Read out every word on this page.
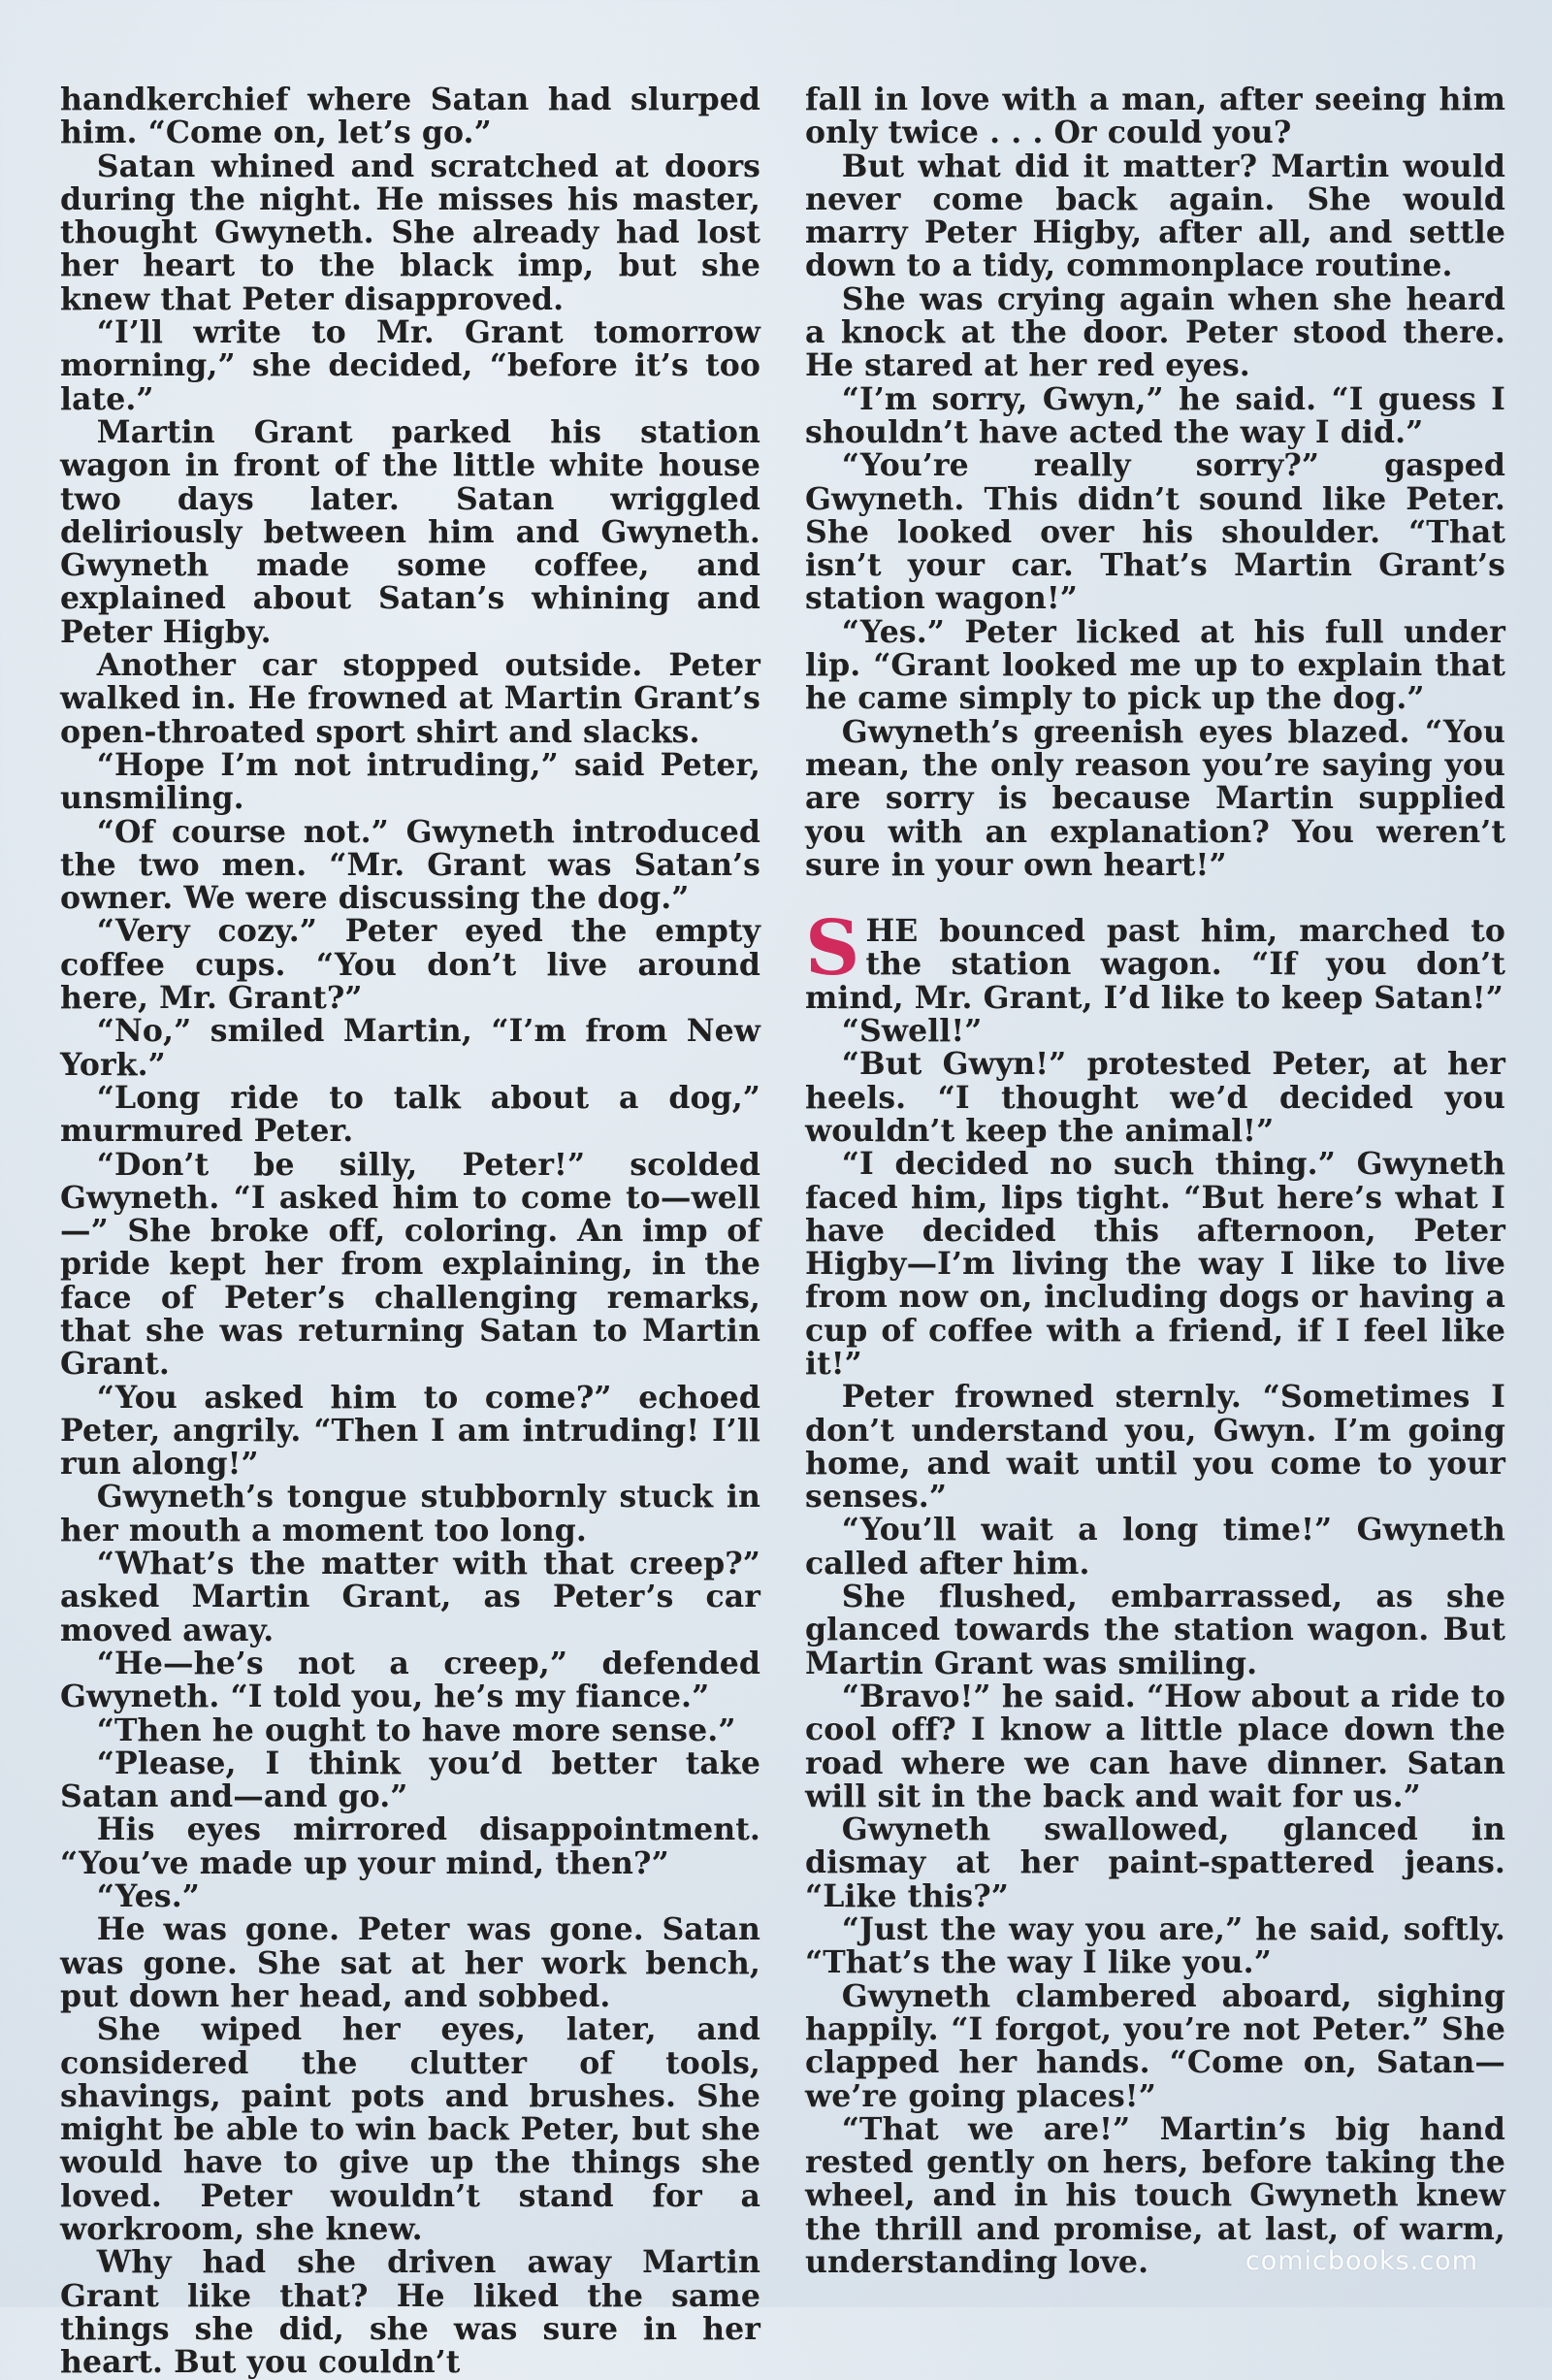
handkerchief where Satan had slurped him. “Come on, let’s go.”

Satan whined and scratched at doors during the night. He misses his master, thought Gwyneth. She already had lost her heart to the black imp, but she knew that Peter disapproved.

“I’ll write to Mr. Grant tomorrow morning,” she decided, “before it’s too late.”

Martin Grant parked his station wagon in front of the little white house two days later. Satan wriggled deliriously between him and Gwyneth. Gwyneth made some coffee, and explained about Satan’s whining and Peter Higby.

Another car stopped outside. Peter walked in. He frowned at Martin Grant’s open-throated sport shirt and slacks.

“Hope I’m not intruding,” said Peter, unsmiling.

“Of course not.” Gwyneth introduced the two men. “Mr. Grant was Satan’s owner. We were discussing the dog.”

“Very cozy.” Peter eyed the empty coffee cups. “You don’t live around here, Mr. Grant?”

“No,” smiled Martin, “I’m from New York.”

“Long ride to talk about a dog,” murmured Peter.

“Don’t be silly, Peter!” scolded Gwyneth. “I asked him to come to—well—” She broke off, coloring. An imp of pride kept her from explaining, in the face of Peter’s challenging remarks, that she was returning Satan to Martin Grant.

“You asked him to come?” echoed Peter, angrily. “Then I am intruding! I’ll run along!”

Gwyneth’s tongue stubbornly stuck in her mouth a moment too long.

“What’s the matter with that creep?” asked Martin Grant, as Peter’s car moved away.

“He—he’s not a creep,” defended Gwyneth. “I told you, he’s my fiance.”

“Then he ought to have more sense.”

“Please, I think you’d better take Satan and—and go.”

His eyes mirrored disappointment. “You’ve made up your mind, then?”

“Yes.”

He was gone. Peter was gone. Satan was gone. She sat at her work bench, put down her head, and sobbed.

She wiped her eyes, later, and considered the clutter of tools, shavings, paint pots and brushes. She might be able to win back Peter, but she would have to give up the things she loved. Peter wouldn’t stand for a workroom, she knew.

Why had she driven away Martin Grant like that? He liked the same things she did, she was sure in her heart. But you couldn’t

fall in love with a man, after seeing him only twice . . . Or could you?

But what did it matter? Martin would never come back again. She would marry Peter Higby, after all, and settle down to a tidy, commonplace routine.

She was crying again when she heard a knock at the door. Peter stood there. He stared at her red eyes.

“I’m sorry, Gwyn,” he said. “I guess I shouldn’t have acted the way I did.”

“You’re really sorry?” gasped Gwyneth. This didn’t sound like Peter. She looked over his shoulder. “That isn’t your car. That’s Martin Grant’s station wagon!”

“Yes.” Peter licked at his full under lip. “Grant looked me up to explain that he came simply to pick up the dog.”

Gwyneth’s greenish eyes blazed. “You mean, the only reason you’re saying you are sorry is because Martin supplied you with an explanation? You weren’t sure in your own heart!”

SHE bounced past him, marched to the station wagon. “If you don’t mind, Mr. Grant, I’d like to keep Satan!”

“Swell!”

“But Gwyn!” protested Peter, at her heels. “I thought we’d decided you wouldn’t keep the animal!”

“I decided no such thing.” Gwyneth faced him, lips tight. “But here’s what I have decided this afternoon, Peter Higby—I’m living the way I like to live from now on, including dogs or having a cup of coffee with a friend, if I feel like it!”

Peter frowned sternly. “Sometimes I don’t understand you, Gwyn. I’m going home, and wait until you come to your senses.”

“You’ll wait a long time!” Gwyneth called after him.

She flushed, embarrassed, as she glanced towards the station wagon. But Martin Grant was smiling.

“Bravo!” he said. “How about a ride to cool off? I know a little place down the road where we can have dinner. Satan will sit in the back and wait for us.”

Gwyneth swallowed, glanced in dismay at her paint-spattered jeans. “Like this?”

“Just the way you are,” he said, softly. “That’s the way I like you.”

Gwyneth clambered aboard, sighing happily. “I forgot, you’re not Peter.” She clapped her hands. “Come on, Satan—we’re going places!”

“That we are!” Martin’s big hand rested gently on hers, before taking the wheel, and in his touch Gwyneth knew the thrill and promise, at last, of warm, understanding love.	comicbooks.com
